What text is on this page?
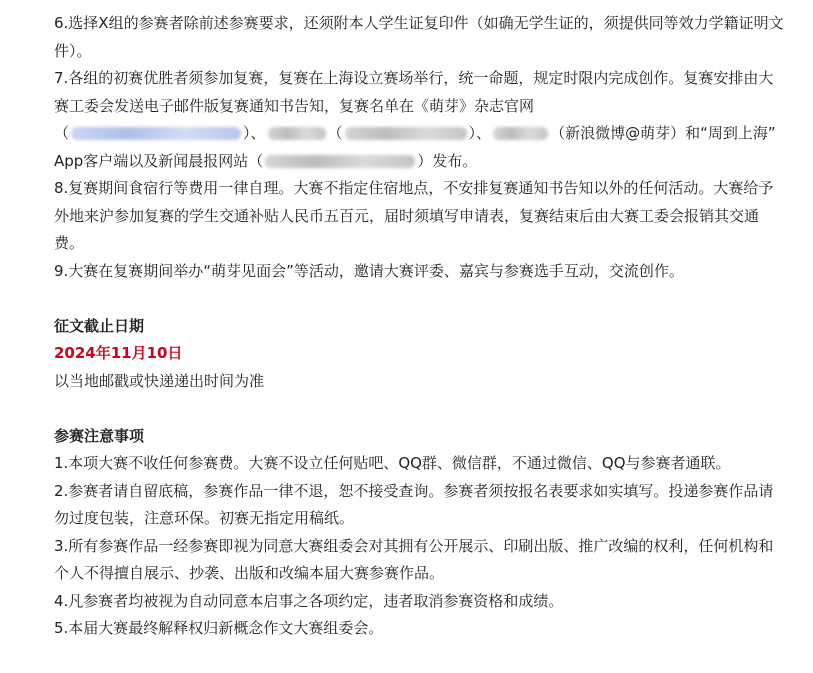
6.选择X组的参赛者除前述参赛要求，还须附本人学生证复印件（如确无学生证的，须提供同等效力学籍证明文件）。

7.各组的初赛优胜者须参加复赛，复赛在上海设立赛场举行，统一命题，规定时限内完成创作。复赛安排由大赛工委会发送电子邮件版复赛通知书告知，复赛名单在《萌芽》杂志官网
（	）、	（	）、	（新浪微博@萌芽）和“周到上海”
App客户端以及新闻晨报网站（	）发布。

8.复赛期间食宿行等费用一律自理。大赛不指定住宿地点，不安排复赛通知书告知以外的任何活动。大赛给予外地来沪参加复赛的学生交通补贴人民币五百元，届时须填写申请表，复赛结束后由大赛工委会报销其交通费。

9.大赛在复赛期间举办“萌芽见面会”等活动，邀请大赛评委、嘉宾与参赛选手互动，交流创作。

征文截止日期

2024年11月10日

以当地邮戳或快递递出时间为准

参赛注意事项

1.本项大赛不收任何参赛费。大赛不设立任何贴吧、QQ群、微信群，不通过微信、QQ与参赛者通联。

2.参赛者请自留底稿，参赛作品一律不退，恕不接受查询。参赛者须按报名表要求如实填写。投递参赛作品请勿过度包装，注意环保。初赛无指定用稿纸。

3.所有参赛作品一经参赛即视为同意大赛组委会对其拥有公开展示、印刷出版、推广改编的权利，任何机构和个人不得擅自展示、抄袭、出版和改编本届大赛参赛作品。

4.凡参赛者均被视为自动同意本启事之各项约定，违者取消参赛资格和成绩。

5.本届大赛最终解释权归新概念作文大赛组委会。
